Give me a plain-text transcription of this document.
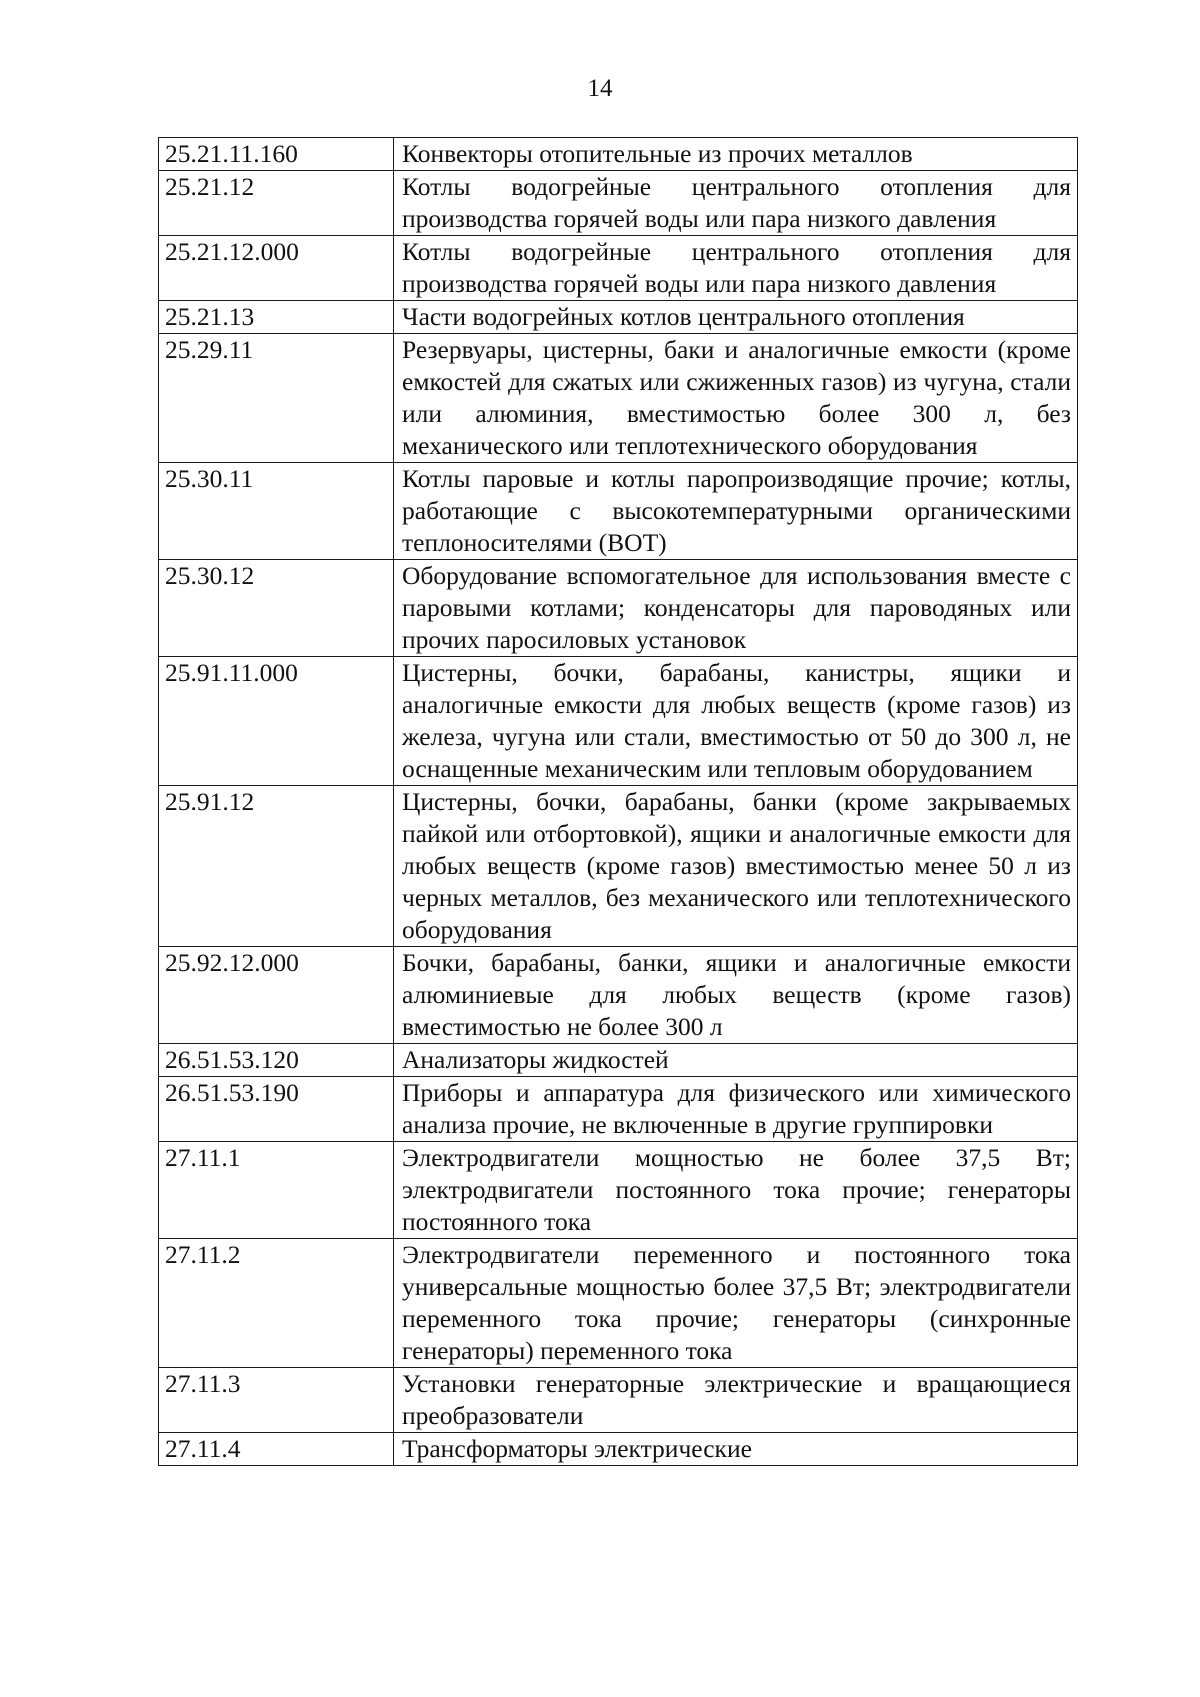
14
25.21.11.160	Конвекторы отопительные из прочих металлов
25.21.12	Котлы водогрейные центрального отопления для производства горячей воды или пара низкого давления
25.21.12.000	Котлы водогрейные центрального отопления для производства горячей воды или пара низкого давления
25.21.13	Части водогрейных котлов центрального отопления
25.29.11	Резервуары, цистерны, баки и аналогичные емкости (кроме емкостей для сжатых или сжиженных газов) из чугуна, стали или алюминия, вместимостью более 300 л, без механического или теплотехнического оборудования
25.30.11	Котлы паровые и котлы паропроизводящие прочие; котлы, работающие с высокотемпературными органическими теплоносителями (ВОТ)
25.30.12	Оборудование вспомогательное для использования вместе с паровыми котлами; конденсаторы для пароводяных или прочих паросиловых установок
25.91.11.000	Цистерны, бочки, барабаны, канистры, ящики и аналогичные емкости для любых веществ (кроме газов) из железа, чугуна или стали, вместимостью от 50 до 300 л, не оснащенные механическим или тепловым оборудованием
25.91.12	Цистерны, бочки, барабаны, банки (кроме закрываемых пайкой или отбортовкой), ящики и аналогичные емкости для любых веществ (кроме газов) вместимостью менее 50 л из черных металлов, без механического или теплотехнического оборудования
25.92.12.000	Бочки, барабаны, банки, ящики и аналогичные емкости алюминиевые для любых веществ (кроме газов) вместимостью не более 300 л
26.51.53.120	Анализаторы жидкостей
26.51.53.190	Приборы и аппаратура для физического или химического анализа прочие, не включенные в другие группировки
27.11.1	Электродвигатели мощностью не более 37,5 Вт; электродвигатели постоянного тока прочие; генераторы постоянного тока
27.11.2	Электродвигатели переменного и постоянного тока универсальные мощностью более 37,5 Вт; электродвигатели переменного тока прочие; генераторы (синхронные генераторы) переменного тока
27.11.3	Установки генераторные электрические и вращающиеся преобразователи
27.11.4	Трансформаторы электрические
